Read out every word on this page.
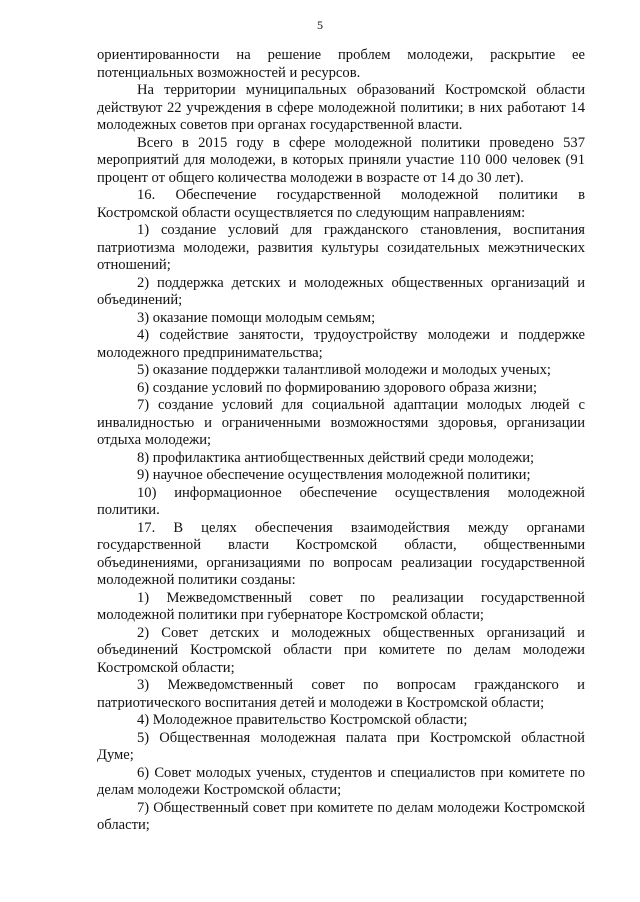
5

ориентированности на решение проблем молодежи, раскрытие ее потенциальных возможностей и ресурсов.

На территории муниципальных образований Костромской области действуют 22 учреждения в сфере молодежной политики; в них работают 14 молодежных советов при органах государственной власти.

Всего в 2015 году в сфере молодежной политики проведено 537 мероприятий для молодежи, в которых приняли участие 110 000 человек (91 процент от общего количества молодежи в возрасте от 14 до 30 лет).

16. Обеспечение государственной молодежной политики в Костромской области осуществляется по следующим направлениям:

1) создание условий для гражданского становления, воспитания патриотизма молодежи, развития культуры созидательных межэтнических отношений;

2) поддержка детских и молодежных общественных организаций и объединений;

3) оказание помощи молодым семьям;

4) содействие занятости, трудоустройству молодежи и поддержке молодежного предпринимательства;

5) оказание поддержки талантливой молодежи и молодых ученых;

6) создание условий по формированию здорового образа жизни;

7) создание условий для социальной адаптации молодых людей с инвалидностью и ограниченными возможностями здоровья, организации отдыха молодежи;

8) профилактика антиобщественных действий среди молодежи;

9) научное обеспечение осуществления молодежной политики;

10) информационное обеспечение осуществления молодежной политики.

17. В целях обеспечения взаимодействия между органами государственной власти Костромской области, общественными объединениями, организациями по вопросам реализации государственной молодежной политики созданы:

1) Межведомственный совет по реализации государственной молодежной политики при губернаторе Костромской области;

2) Совет детских и молодежных общественных организаций и объединений Костромской области при комитете по делам молодежи Костромской области;

3) Межведомственный совет по вопросам гражданского и патриотического воспитания детей и молодежи в Костромской области;

4) Молодежное правительство Костромской области;

5) Общественная молодежная палата при Костромской областной Думе;

6) Совет молодых ученых, студентов и специалистов при комитете по делам молодежи Костромской области;

7) Общественный совет при комитете по делам молодежи Костромской области;
